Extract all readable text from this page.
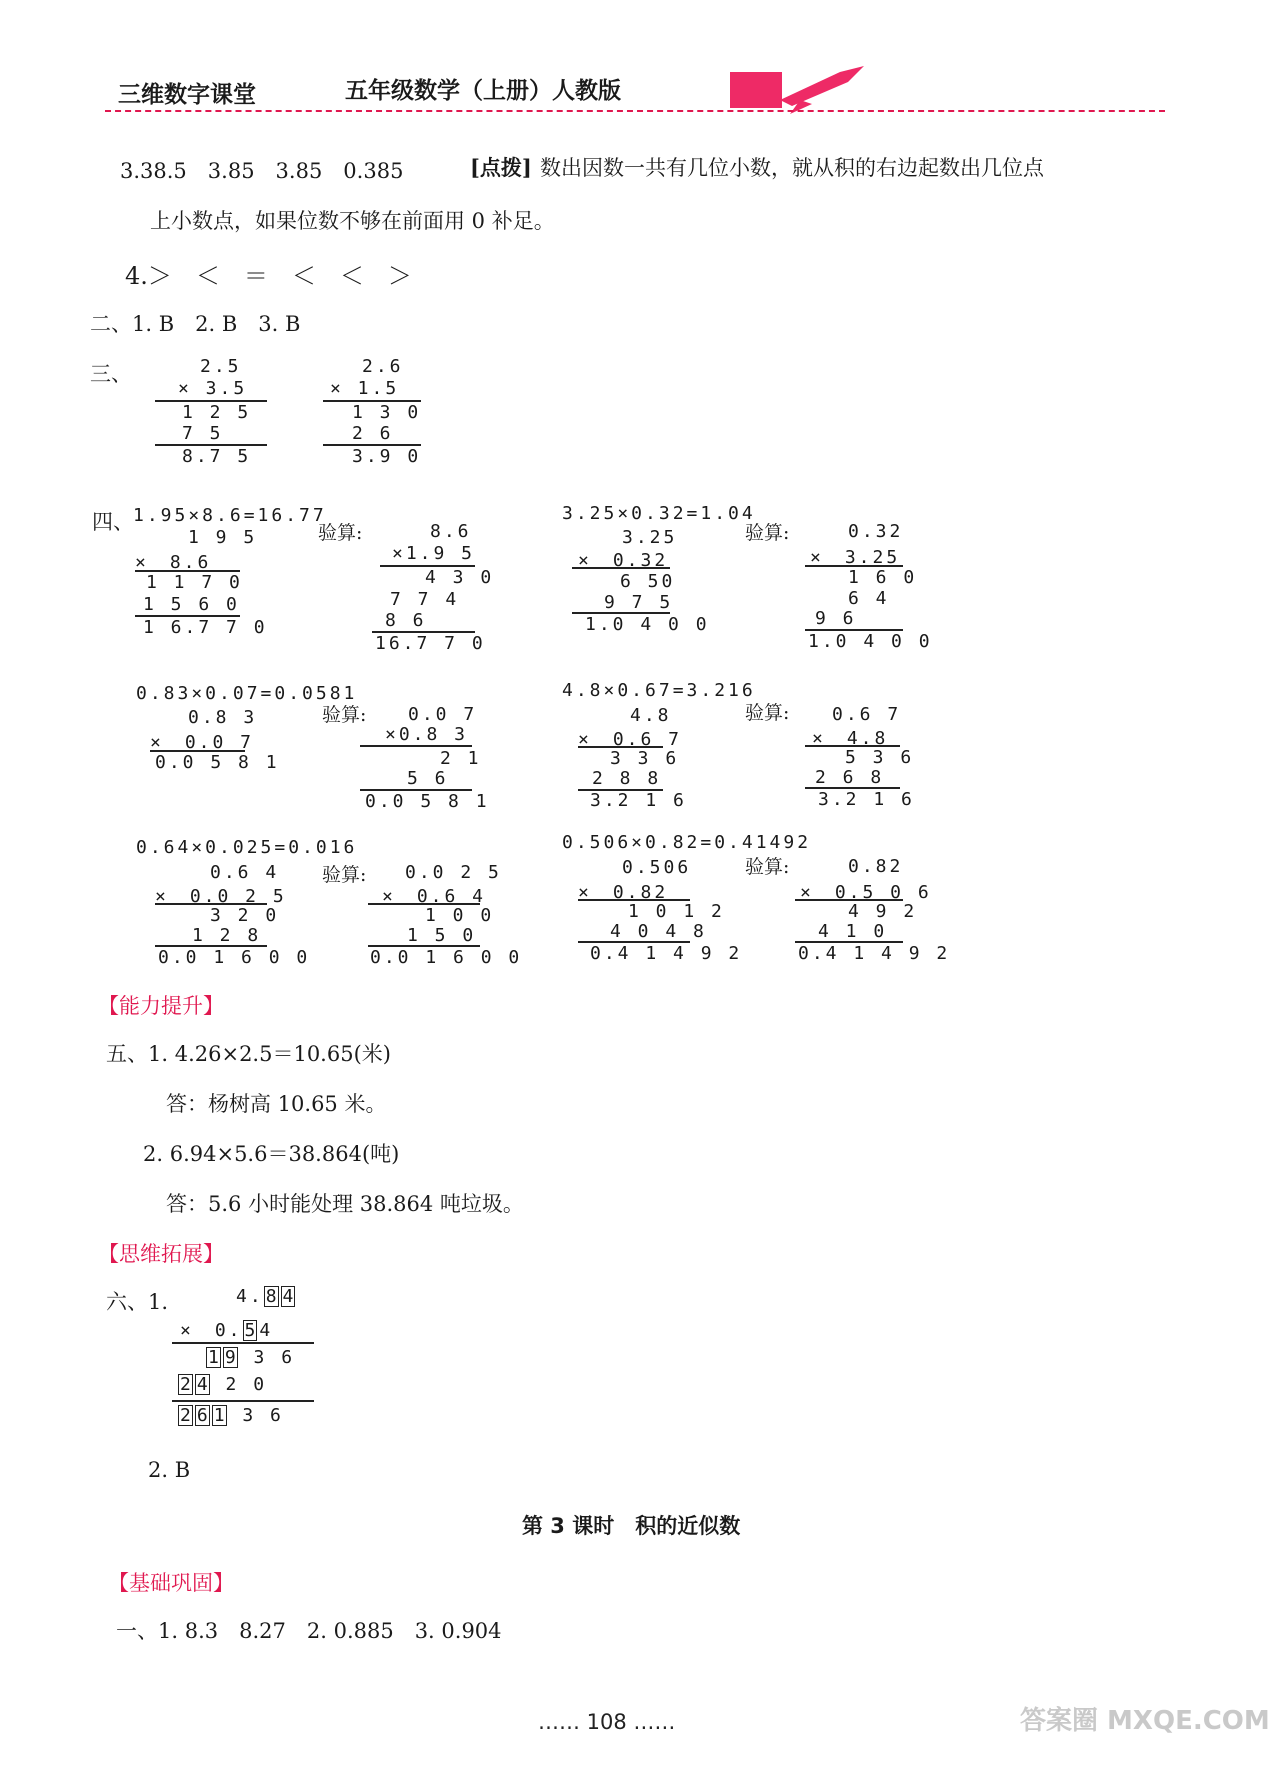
三维数字课堂	五年级数学（上册）人教版
3.38.5　3.85　3.85　0.385	[点拨] 数出因数一共有几位小数，就从积的右边起数出几位点
上小数点，如果位数不够在前面用 0 补足。
4.＞　＜　＝　＜　＜　＞
二、1. B　2. B　3. B
三、	2.5
× 3.5
1 2 5
7 5
8.7 5
2.6
× 1.5
1 3 0
2 6
3.9 0
四、 1.95×8.6=16.77
1 9 5
×　8.6
1 1 7 0
1 5 6 0
1 6.7 7 0
验算:	8.6
×1.9 5
4 3 0
7 7 4
8 6
16.7 7 0
3.25×0.32=1.04
3.25
×　0.32
6 50
9 7 5
1.0 4 0 0
验算:	0.32
×　3.25
1 6 0
6 4
9 6
1.0 4 0 0
0.83×0.07=0.0581
0.8 3
×　0.0 7
0.0 5 8 1
验算: 0.0 7
×0.8 3
2 1
5 6
0.0 5 8 1
4.8×0.67=3.216
4.8
×　0.6 7
3 3 6
2 8 8
3.2 1 6
验算: 0.6 7
×　4.8
5 3 6
2 6 8
3.2 1 6
0.64×0.025=0.016
0.6 4
×　0.0 2 5
3 2 0
1 2 8
0.0 1 6 0 0
验算: 0.0 2 5
×　0.6 4
1 0 0
1 5 0
0.0 1 6 0 0
0.506×0.82=0.41492
0.506
×　0.82
1 0 1 2
4 0 4 8
0.4 1 4 9 2
验算:	0.82
×　0.5 0 6
4 9 2
4 1 0
0.4 1 4 9 2
【能力提升】
五、1. 4.26×2.5＝10.65(米)
答：杨树高 10.65 米。
2. 6.94×5.6＝38.864(吨)
答：5.6 小时能处理 38.864 吨垃圾。
【思维拓展】
六、1.	4. 8 4
×　0. 5 4
1 9 3 6
2 4 2 0
2 6 1 3 6
2. B
第 3 课时　积的近似数
【基础巩固】
一、1. 8.3　8.27　2. 0.885　3. 0.904
…… 108 ……	答案圈 MXQE.COM
